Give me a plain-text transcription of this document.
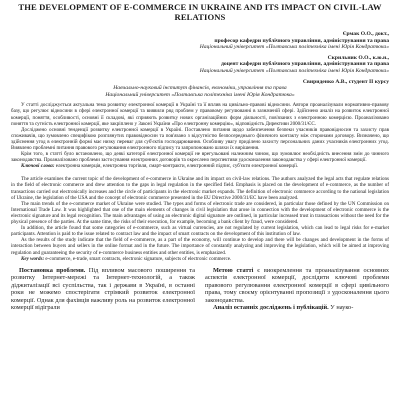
THE DEVELOPMENT OF E-COMMERCE IN UKRAINE AND ITS IMPACT ON CIVIL-LAW RELATIONS
Єрмак О.О., докт.,
професор кафедри публічного управління, адміністрування та права
Національний університет «Полтавська політехніка імені Юрія Кондратюка»
Скрильник О.О., к.ю.н.,
доцент кафедри публічного управління, адміністрування та права
Національний університет «Полтавська політехніка імені Юрія Кондратюка»
Свириденко А.В., студент II курсу
Навчально-науковий інститут фінансів, економіки, управління та права
Національний університет «Полтавська політехніка імені Юрія Кондратюка»

У статті досліджується актуальна тема розвитку електронної комерції в Україні та її вплив на цивільно-правові відносини. Автори проаналізували нормативно-правову базу, що регулює відносини в сфері електронної комерції та виявили ряд проблем у правовому регулюванні в зазначеній сфері. Здійснено аналіз на розвиток електронної комерції, поняття, особливості, основні її складові, які сприяють розвитку нових організаційних форм діяльності, пов'язаних з електронною комерцією. Проаналізовано поняття та сутність електронної комерції, яке закріплено у Законі України «Про електронну комерцію», відповідність Директиви 2000/31/ЄС.

Досліджено основні тенденції розвитку електронної комерції в Україні. Поставлено питання щодо забезпечення безпеки учасників правовідносин та захисту прав споживачів, що зумовлено специфікою розглянутих правовідносин та пов'язано з відсутністю безпосереднього фізичного контакту між сторонами договору. Визначено, що здійснення угод в електронній формі має низку переваг для суб'єктів господарювання. Особливу увагу приділено захисту персональних даних учасників електронних угод. Виявлено проблемні питання правового регулювання електронного підпису та запропоновано шляхи їх вирішення.

Крім того, в статті було встановлено, що деякі категорії електронної комерції не врегульовані належним чином, що зумовлює необхідність внесення змін до чинного законодавства. Проаналізовано проблеми застосування електронних договорів та окреслено перспективи удосконалення законодавства у сфері електронної комерції.

Ключові слова: електронна комерція, електронна торгівля, смарт-контракти, електронний підпис, суб'єкти електронної комерції.

The article examines the current topic of the development of e-commerce in Ukraine and its impact on civil-law relations. The authors analyzed the legal acts that regulate relations in the field of electronic commerce and drew attention to the gaps in legal regulation in the specified field. Emphasis is placed on the development of e-commerce, as the number of transactions carried out electronically increases and the circle of participants in the electronic market expands. The definition of electronic commerce according to the national legislation of Ukraine, the legislation of the USA and the concept of electronic commerce presented in the EU Directive 2000/31/EC have been analyzed.

The main trends of the e-commerce market of Ukraine were studied. The types and forms of electronic trade are considered, in particular those defined by the UN Commission on International Trade Law. It was highlighted that one of the main elements of changes in civil legislation that arose in connection with the development of electronic commerce is the electronic signature and its legal recognition. The main advantages of using an electronic digital signature are outlined, in particular increased trust in transactions without the need for the physical presence of the parties. At the same time, the risks of their execution, for example, becoming a bank client by fraud, were considered.

In addition, the article found that some categories of e-commerce, such as virtual currencies, are not regulated by current legislation, which can lead to legal risks for e-market participants. Attention is paid to the issue related to contract law and the impact of smart contracts on the development of this institution of law.

As the results of the study indicate that the field of e-commerce, as a part of the economy, will continue to develop and there will be changes and development in the forms of interaction between buyers and sellers in the online format and in the future. The importance of constantly analyzing and improving the legislation, which will be aimed at improving regulation and guaranteeing the security of e-commerce business entities and other entities, is emphasized.

Key words: e-commerce, e-trade, smart contracts, electronic signature, subjects of electronic commerce.

Постановка проблеми. Під впливом масового поширення та розвитку Інтернет-мережі та Інтернет-технологій, а також діджиталізації всі суспільства, так і держави в Україні, в останні роки не можемо спостерігати стрімкий розвиток електронної комерції. Однак для фахівців важливу роль на розвиток електронної комерції відіграли

Метою статті є виокремлення та проаналізування основних аспектів електронної комерції, дослідити ключові проблеми правового регулювання електронної комерції в сфері цивільного права, тому своєму орієнтуванні пропозиції з удосконалення цього законодавства.

Аналіз останніх досліджень і публікацій. У науко-
